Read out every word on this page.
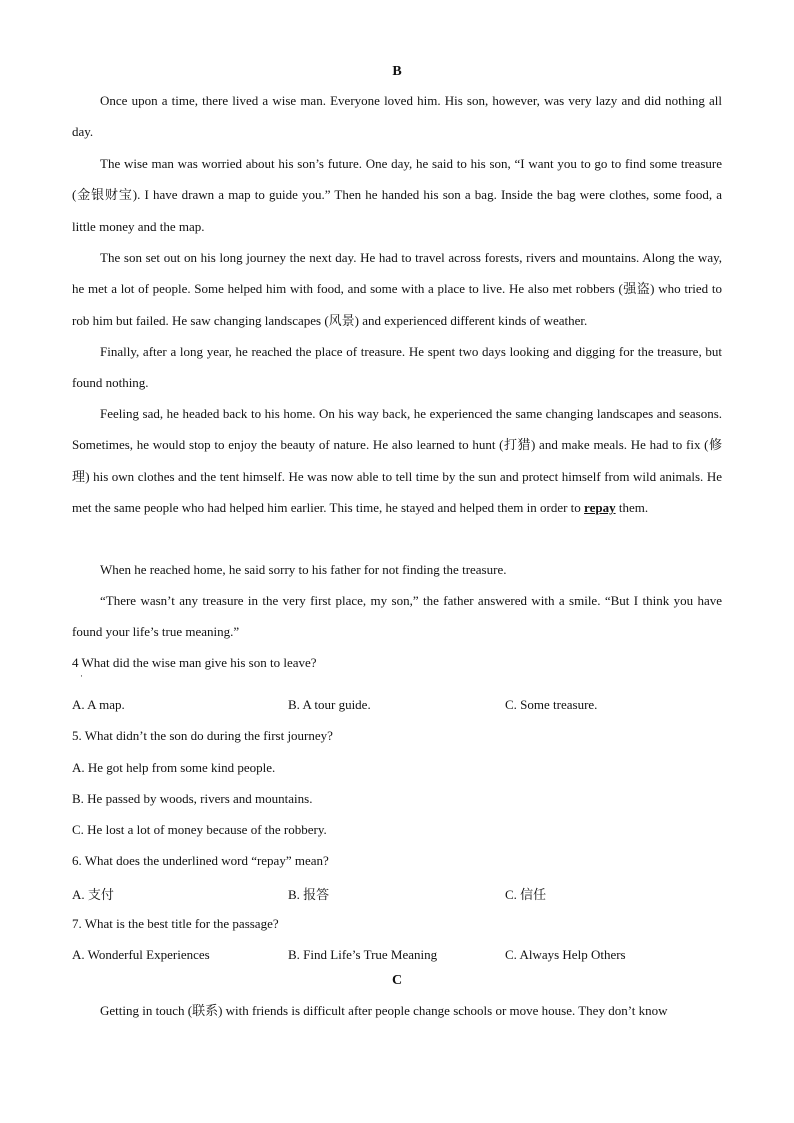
B
Once upon a time, there lived a wise man. Everyone loved him. His son, however, was very lazy and did nothing all day.
The wise man was worried about his son’s future. One day, he said to his son, “I want you to go to find some treasure (金银财宝). I have drawn a map to guide you.” Then he handed his son a bag. Inside the bag were clothes, some food, a little money and the map.
The son set out on his long journey the next day. He had to travel across forests, rivers and mountains. Along the way, he met a lot of people. Some helped him with food, and some with a place to live. He also met robbers (强盗) who tried to rob him but failed. He saw changing landscapes (风景) and experienced different kinds of weather.
Finally, after a long year, he reached the place of treasure. He spent two days looking and digging for the treasure, but found nothing.
Feeling sad, he headed back to his home. On his way back, he experienced the same changing landscapes and seasons. Sometimes, he would stop to enjoy the beauty of nature. He also learned to hunt (打猎) and make meals. He had to fix (修理) his own clothes and the tent himself. He was now able to tell time by the sun and protect himself from wild animals. He met the same people who had helped him earlier. This time, he stayed and helped them in order to repay them.
When he reached home, he said sorry to his father for not finding the treasure.
“There wasn’t any treasure in the very first place, my son,” the father answered with a smile. “But I think you have found your life’s true meaning.”
4 What did the wise man give his son to leave?
·
A. A map.	B. A tour guide.	C. Some treasure.
5. What didn’t the son do during the first journey?
A. He got help from some kind people.
B. He passed by woods, rivers and mountains.
C. He lost a lot of money because of the robbery.
6. What does the underlined word “repay” mean?
A. 支付	B. 报答	C. 信任
7. What is the best title for the passage?
A. Wonderful Experiences	B. Find Life’s True Meaning	C. Always Help Others
C
Getting in touch (联系) with friends is difficult after people change schools or move house. They don’t know
